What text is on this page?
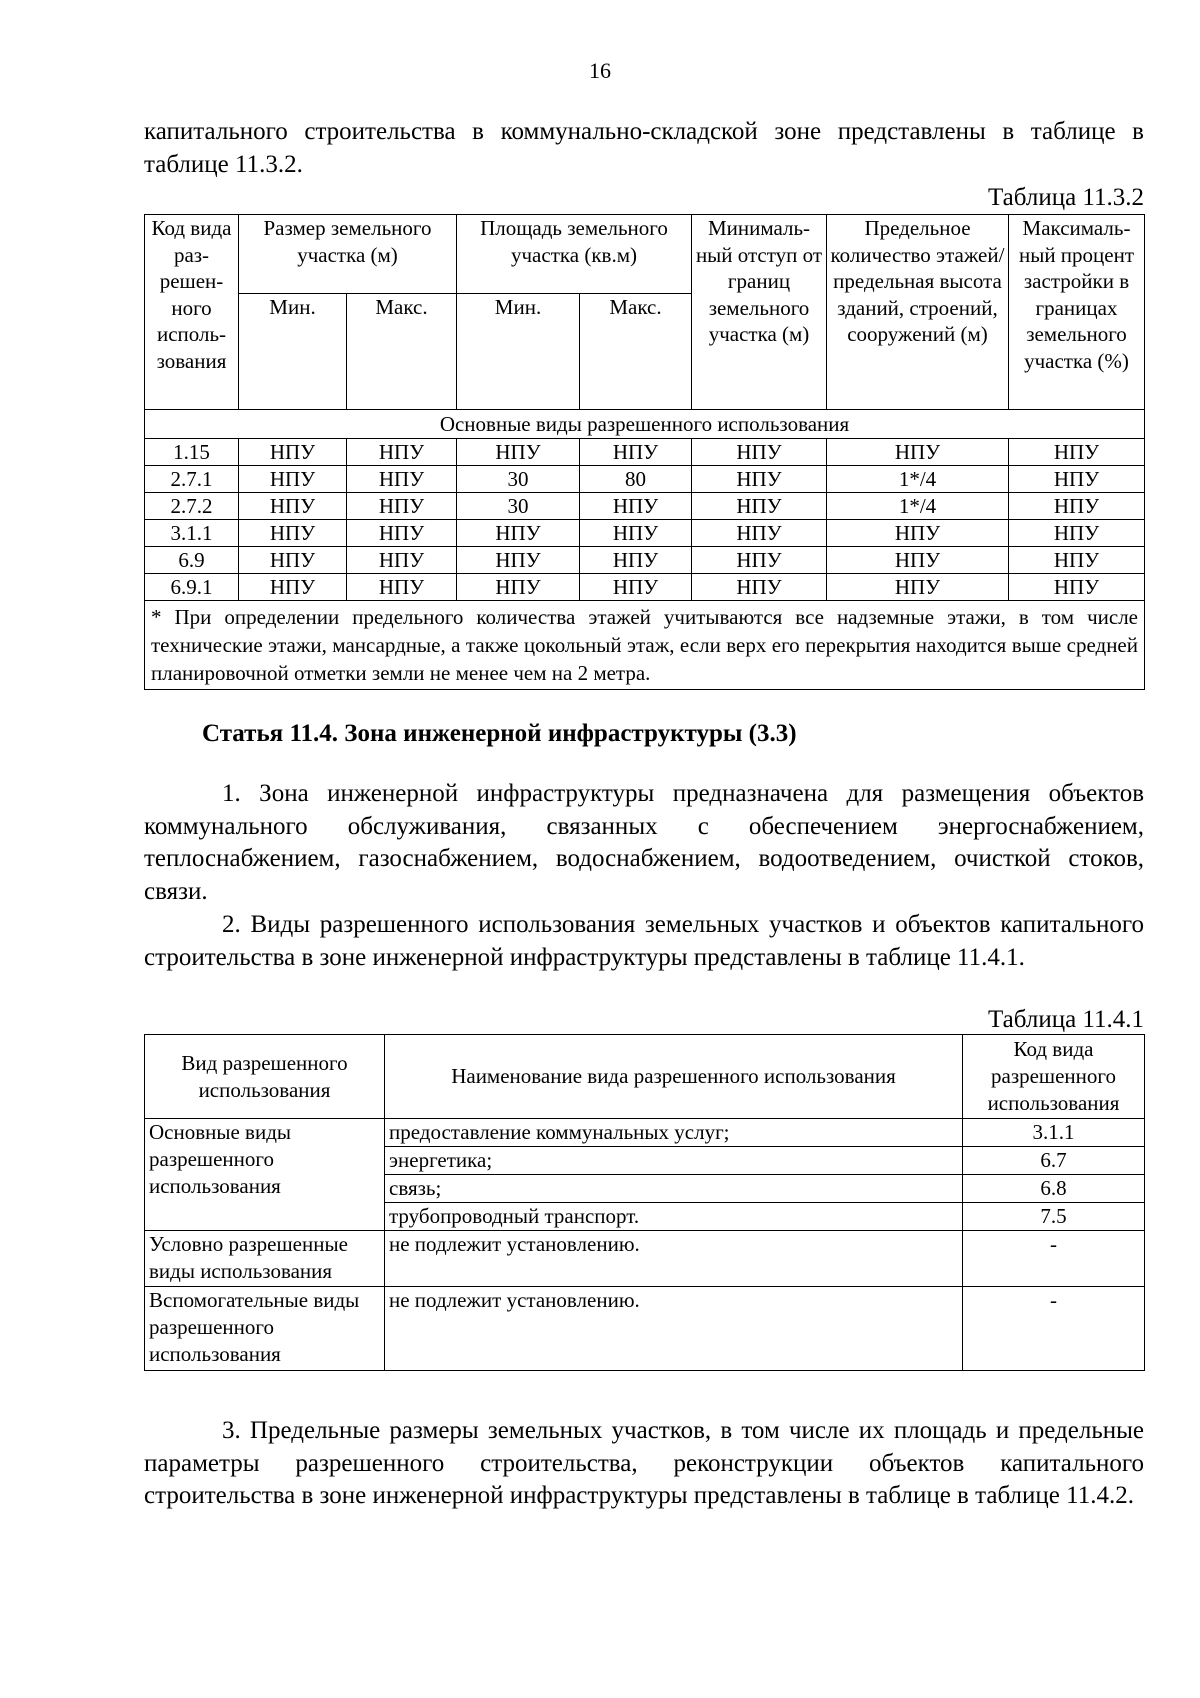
16
капитального строительства в коммунально-складской зоне представлены в таблице в таблице 11.3.2.
Таблица 11.3.2
Код вида раз-решен-ного исполь-зования	Размер земельного участка (м)		Площадь земельного участка (кв.м)		Минималь-ный отступ от границ земельного участка (м)	Предельное количество этажей/ предельная высота зданий, строений, сооружений (м)	Максималь-ный процент застройки в границах земельного участка (%)
	Мин.	Макс.	Мин.	Макс.			
Основные виды разрешенного использования							
1.15	НПУ	НПУ	НПУ	НПУ	НПУ	НПУ	НПУ
2.7.1	НПУ	НПУ	30	80	НПУ	1*/4	НПУ
2.7.2	НПУ	НПУ	30	НПУ	НПУ	1*/4	НПУ
3.1.1	НПУ	НПУ	НПУ	НПУ	НПУ	НПУ	НПУ
6.9	НПУ	НПУ	НПУ	НПУ	НПУ	НПУ	НПУ
6.9.1	НПУ	НПУ	НПУ	НПУ	НПУ	НПУ	НПУ
* При определении предельного количества этажей учитываются все надземные этажи, в том числе технические этажи, мансардные, а также цокольный этаж, если верх его перекрытия находится выше средней планировочной отметки земли не менее чем на 2 метра.							
Статья 11.4. Зона инженерной инфраструктуры (3.3)
1. Зона инженерной инфраструктуры предназначена для размещения объектов коммунального обслуживания, связанных с обеспечением энергоснабжением, теплоснабжением, газоснабжением, водоснабжением, водоотведением, очисткой стоков, связи.
2. Виды разрешенного использования земельных участков и объектов капитального строительства в зоне инженерной инфраструктуры представлены в таблице 11.4.1.
Таблица 11.4.1
Вид разрешенного использования	Наименование вида разрешенного использования	Код вида разрешенного использования
Основные виды разрешенного использования	предоставление коммунальных услуг;	3.1.1
	энергетика;	6.7
	связь;	6.8
	трубопроводный транспорт.	7.5
Условно разрешенные виды использования	не подлежит установлению.	-
Вспомогательные виды разрешенного использования	не подлежит установлению.	-
3. Предельные размеры земельных участков, в том числе их площадь и предельные параметры разрешенного строительства, реконструкции объектов капитального строительства в зоне инженерной инфраструктуры представлены в таблице в таблице 11.4.2.
